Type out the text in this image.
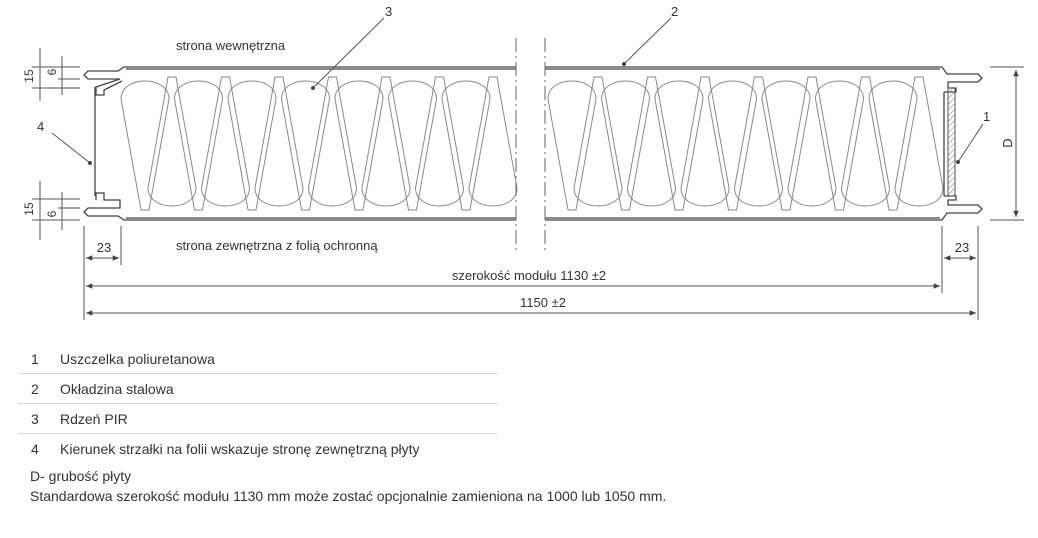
15 6
15 6
D
23	23
szerokość modułu 1130 ±2
1150 ±2
strona wewnętrzna
strona zewnętrzna z folią ochronną
3	2
4
1
1	Uszczelka poliuretanowa
2	Okładzina stalowa
3	Rdzeń PIR
4	Kierunek strzałki na folii wskazuje stronę zewnętrzną płyty
D- grubość płyty
Standardowa szerokość modułu 1130 mm może zostać opcjonalnie zamieniona na 1000 lub 1050 mm.
